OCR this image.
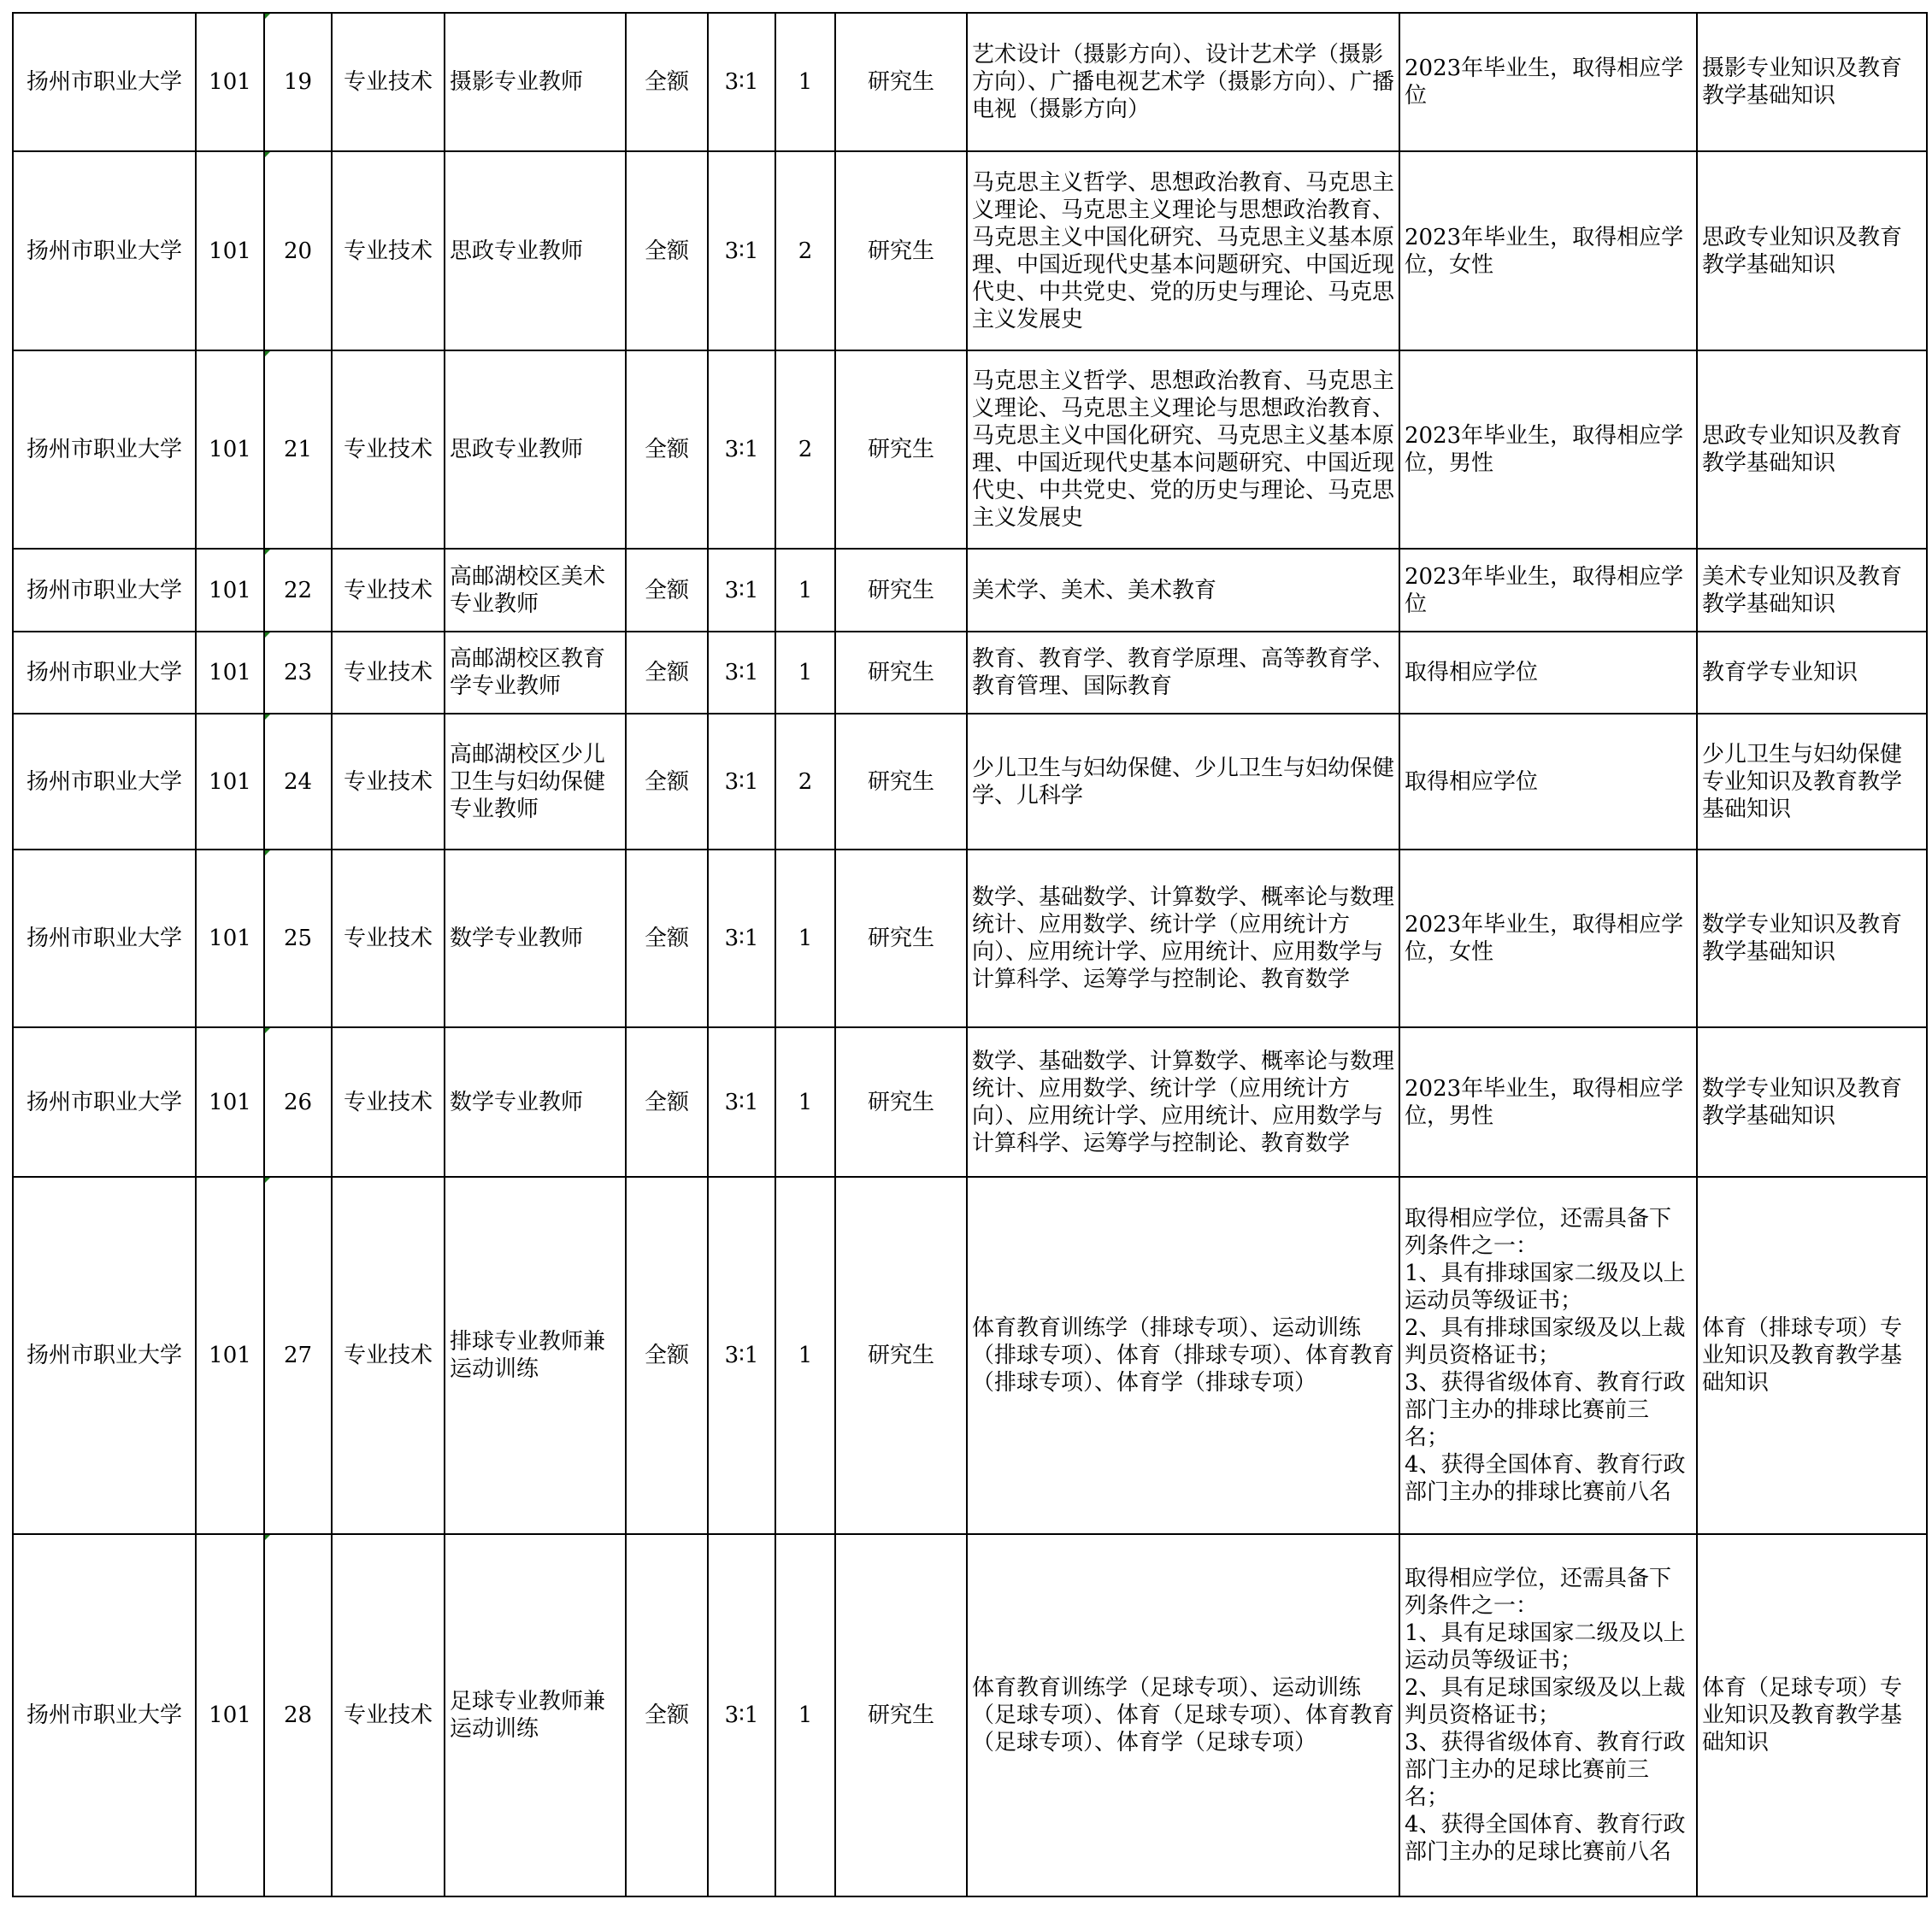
扬州市职业大学	101	19	专业技术	摄影专业教师	全额	3∶1	1	研究生	艺术设计（摄影方向）、设计艺术学（摄影方向）、广播电视艺术学（摄影方向）、广播电视（摄影方向）	2023年毕业生，取得相应学位	摄影专业知识及教育教学基础知识

扬州市职业大学	101	20	专业技术	思政专业教师	全额	3∶1	2	研究生	马克思主义哲学、思想政治教育、马克思主义理论、马克思主义理论与思想政治教育、马克思主义中国化研究、马克思主义基本原理、中国近现代史基本问题研究、中国近现代史、中共党史、党的历史与理论、马克思主义发展史	2023年毕业生，取得相应学位，女性	思政专业知识及教育教学基础知识

扬州市职业大学	101	21	专业技术	思政专业教师	全额	3∶1	2	研究生	马克思主义哲学、思想政治教育、马克思主义理论、马克思主义理论与思想政治教育、马克思主义中国化研究、马克思主义基本原理、中国近现代史基本问题研究、中国近现代史、中共党史、党的历史与理论、马克思主义发展史	2023年毕业生，取得相应学位，男性	思政专业知识及教育教学基础知识

扬州市职业大学	101	22	专业技术	高邮湖校区美术专业教师	全额	3∶1	1	研究生	美术学、美术、美术教育	2023年毕业生，取得相应学位	美术专业知识及教育教学基础知识

扬州市职业大学	101	23	专业技术	高邮湖校区教育学专业教师	全额	3∶1	1	研究生	教育、教育学、教育学原理、高等教育学、教育管理、国际教育	取得相应学位	教育学专业知识

扬州市职业大学	101	24	专业技术	高邮湖校区少儿卫生与妇幼保健专业教师	全额	3∶1	2	研究生	少儿卫生与妇幼保健、少儿卫生与妇幼保健学、儿科学	取得相应学位	少儿卫生与妇幼保健专业知识及教育教学基础知识

扬州市职业大学	101	25	专业技术	数学专业教师	全额	3∶1	1	研究生	数学、基础数学、计算数学、概率论与数理统计、应用数学、统计学（应用统计方向）、应用统计学、应用统计、应用数学与计算科学、运筹学与控制论、教育数学	2023年毕业生，取得相应学位，女性	数学专业知识及教育教学基础知识

扬州市职业大学	101	26	专业技术	数学专业教师	全额	3∶1	1	研究生	数学、基础数学、计算数学、概率论与数理统计、应用数学、统计学（应用统计方向）、应用统计学、应用统计、应用数学与计算科学、运筹学与控制论、教育数学	2023年毕业生，取得相应学位，男性	数学专业知识及教育教学基础知识

扬州市职业大学	101	27	专业技术	排球专业教师兼运动训练	全额	3∶1	1	研究生	体育教育训练学（排球专项）、运动训练（排球专项）、体育（排球专项）、体育教育（排球专项）、体育学（排球专项）	取得相应学位，还需具备下列条件之一：
1、具有排球国家二级及以上运动员等级证书；
2、具有排球国家级及以上裁判员资格证书；
3、获得省级体育、教育行政部门主办的排球比赛前三名；
4、获得全国体育、教育行政部门主办的排球比赛前八名	体育（排球专项）专业知识及教育教学基础知识

扬州市职业大学	101	28	专业技术	足球专业教师兼运动训练	全额	3∶1	1	研究生	体育教育训练学（足球专项）、运动训练（足球专项）、体育（足球专项）、体育教育（足球专项）、体育学（足球专项）	取得相应学位，还需具备下列条件之一：
1、具有足球国家二级及以上运动员等级证书；
2、具有足球国家级及以上裁判员资格证书；
3、获得省级体育、教育行政部门主办的足球比赛前三名；
4、获得全国体育、教育行政部门主办的足球比赛前八名	体育（足球专项）专业知识及教育教学基础知识
